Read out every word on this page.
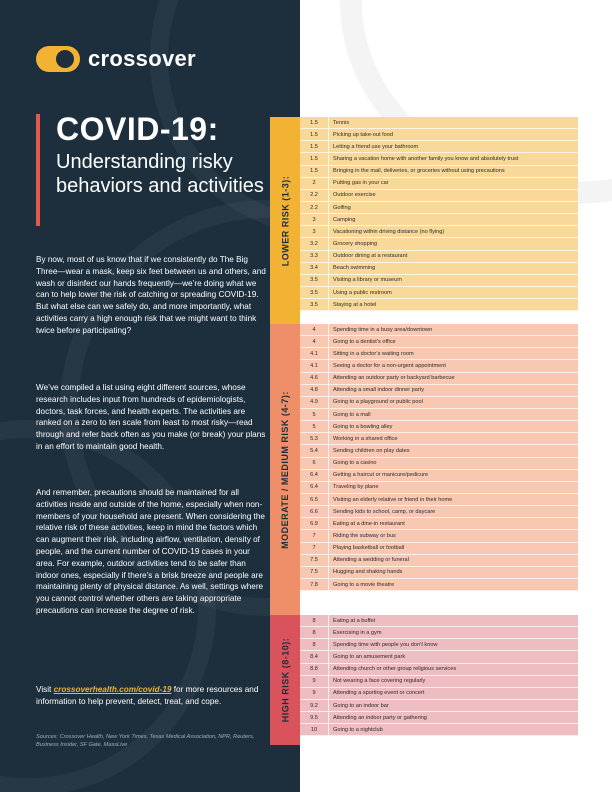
crossover
COVID-19:
Understanding risky behaviors and activities
By now, most of us know that if we consistently do The Big Three—wear a mask, keep six feet between us and others, and wash or disinfect our hands frequently—we’re doing what we can to help lower the risk of catching or spreading COVID-19. But what else can we safely do, and more importantly, what activities carry a high enough risk that we might want to think twice before participating?
We’ve compiled a list using eight different sources, whose research includes input from hundreds of epidemiologists, doctors, task forces, and health experts. The activities are ranked on a zero to ten scale from least to most risky—read through and refer back often as you make (or break) your plans in an effort to maintain good health.
And remember, precautions should be maintained for all activities inside and outside of the home, especially when non-members of your household are present. When considering the relative risk of these activities, keep in mind the factors which can augment their risk, including airflow, ventilation, density of people, and the current number of COVID-19 cases in your area. For example, outdoor activities tend to be safer than indoor ones, especially if there’s a brisk breeze and people are maintaining plenty of physical distance. As well, settings where you cannot control whether others are taking appropriate precautions can increase the degree of risk.
Visit crossoverhealth.com/covid-19 for more resources and information to help prevent, detect, treat, and cope.
Sources: Crossover Health, New York Times, Texas Medical Association, NPR, Reuters, Business Insider, SF Gate, MassLive
LOWER RISK (1-3):
1.5	Tennis
1.5	Picking up take-out food
1.5	Letting a friend use your bathroom
1.5	Sharing a vacation home with another family you know and absolutely trust
1.5	Bringing in the mail, deliveries, or groceries without using precautions
2	Putting gas in your car
2.2	Outdoor exercise
2.2	Golfing
3	Camping
3	Vacationing within driving distance (no flying)
3.2	Grocery shopping
3.3	Outdoor dining at a restaurant
3.4	Beach swimming
3.5	Visiting a library or museum
3.5	Using a public restroom
3.5	Staying at a hotel
MODERATE / MEDIUM RISK (4-7):
4	Spending time in a busy area/downtown
4	Going to a dentist’s office
4.1	Sitting in a doctor’s waiting room
4.1	Seeing a doctor for a non-urgent appointment
4.6	Attending an outdoor party or backyard barbecue
4.8	Attending a small indoor dinner party
4.9	Going to a playground or public pool
5	Going to a mall
5	Going to a bowling alley
5.3	Working in a shared office
5.4	Sending children on play dates
6	Going to a casino
6.4	Getting a haircut or manicure/pedicure
6.4	Traveling by plane
6.5	Visiting an elderly relative or friend in their home
6.6	Sending kids to school, camp, or daycare
6.9	Eating at a dine-in restaurant
7	Riding the subway or bus
7	Playing basketball or football
7.5	Attending a wedding or funeral
7.5	Hugging and shaking hands
7.8	Going to a movie theatre
HIGH RISK (8-10):
8	Eating at a buffet
8	Exercising in a gym
8	Spending time with people you don’t know
8.4	Going to an amusement park
8.8	Attending church or other group religious services
9	Not wearing a face covering regularly
9	Attending a sporting event or concert
9.2	Going to an indoor bar
9.5	Attending an indoor party or gathering
10	Going to a nightclub
